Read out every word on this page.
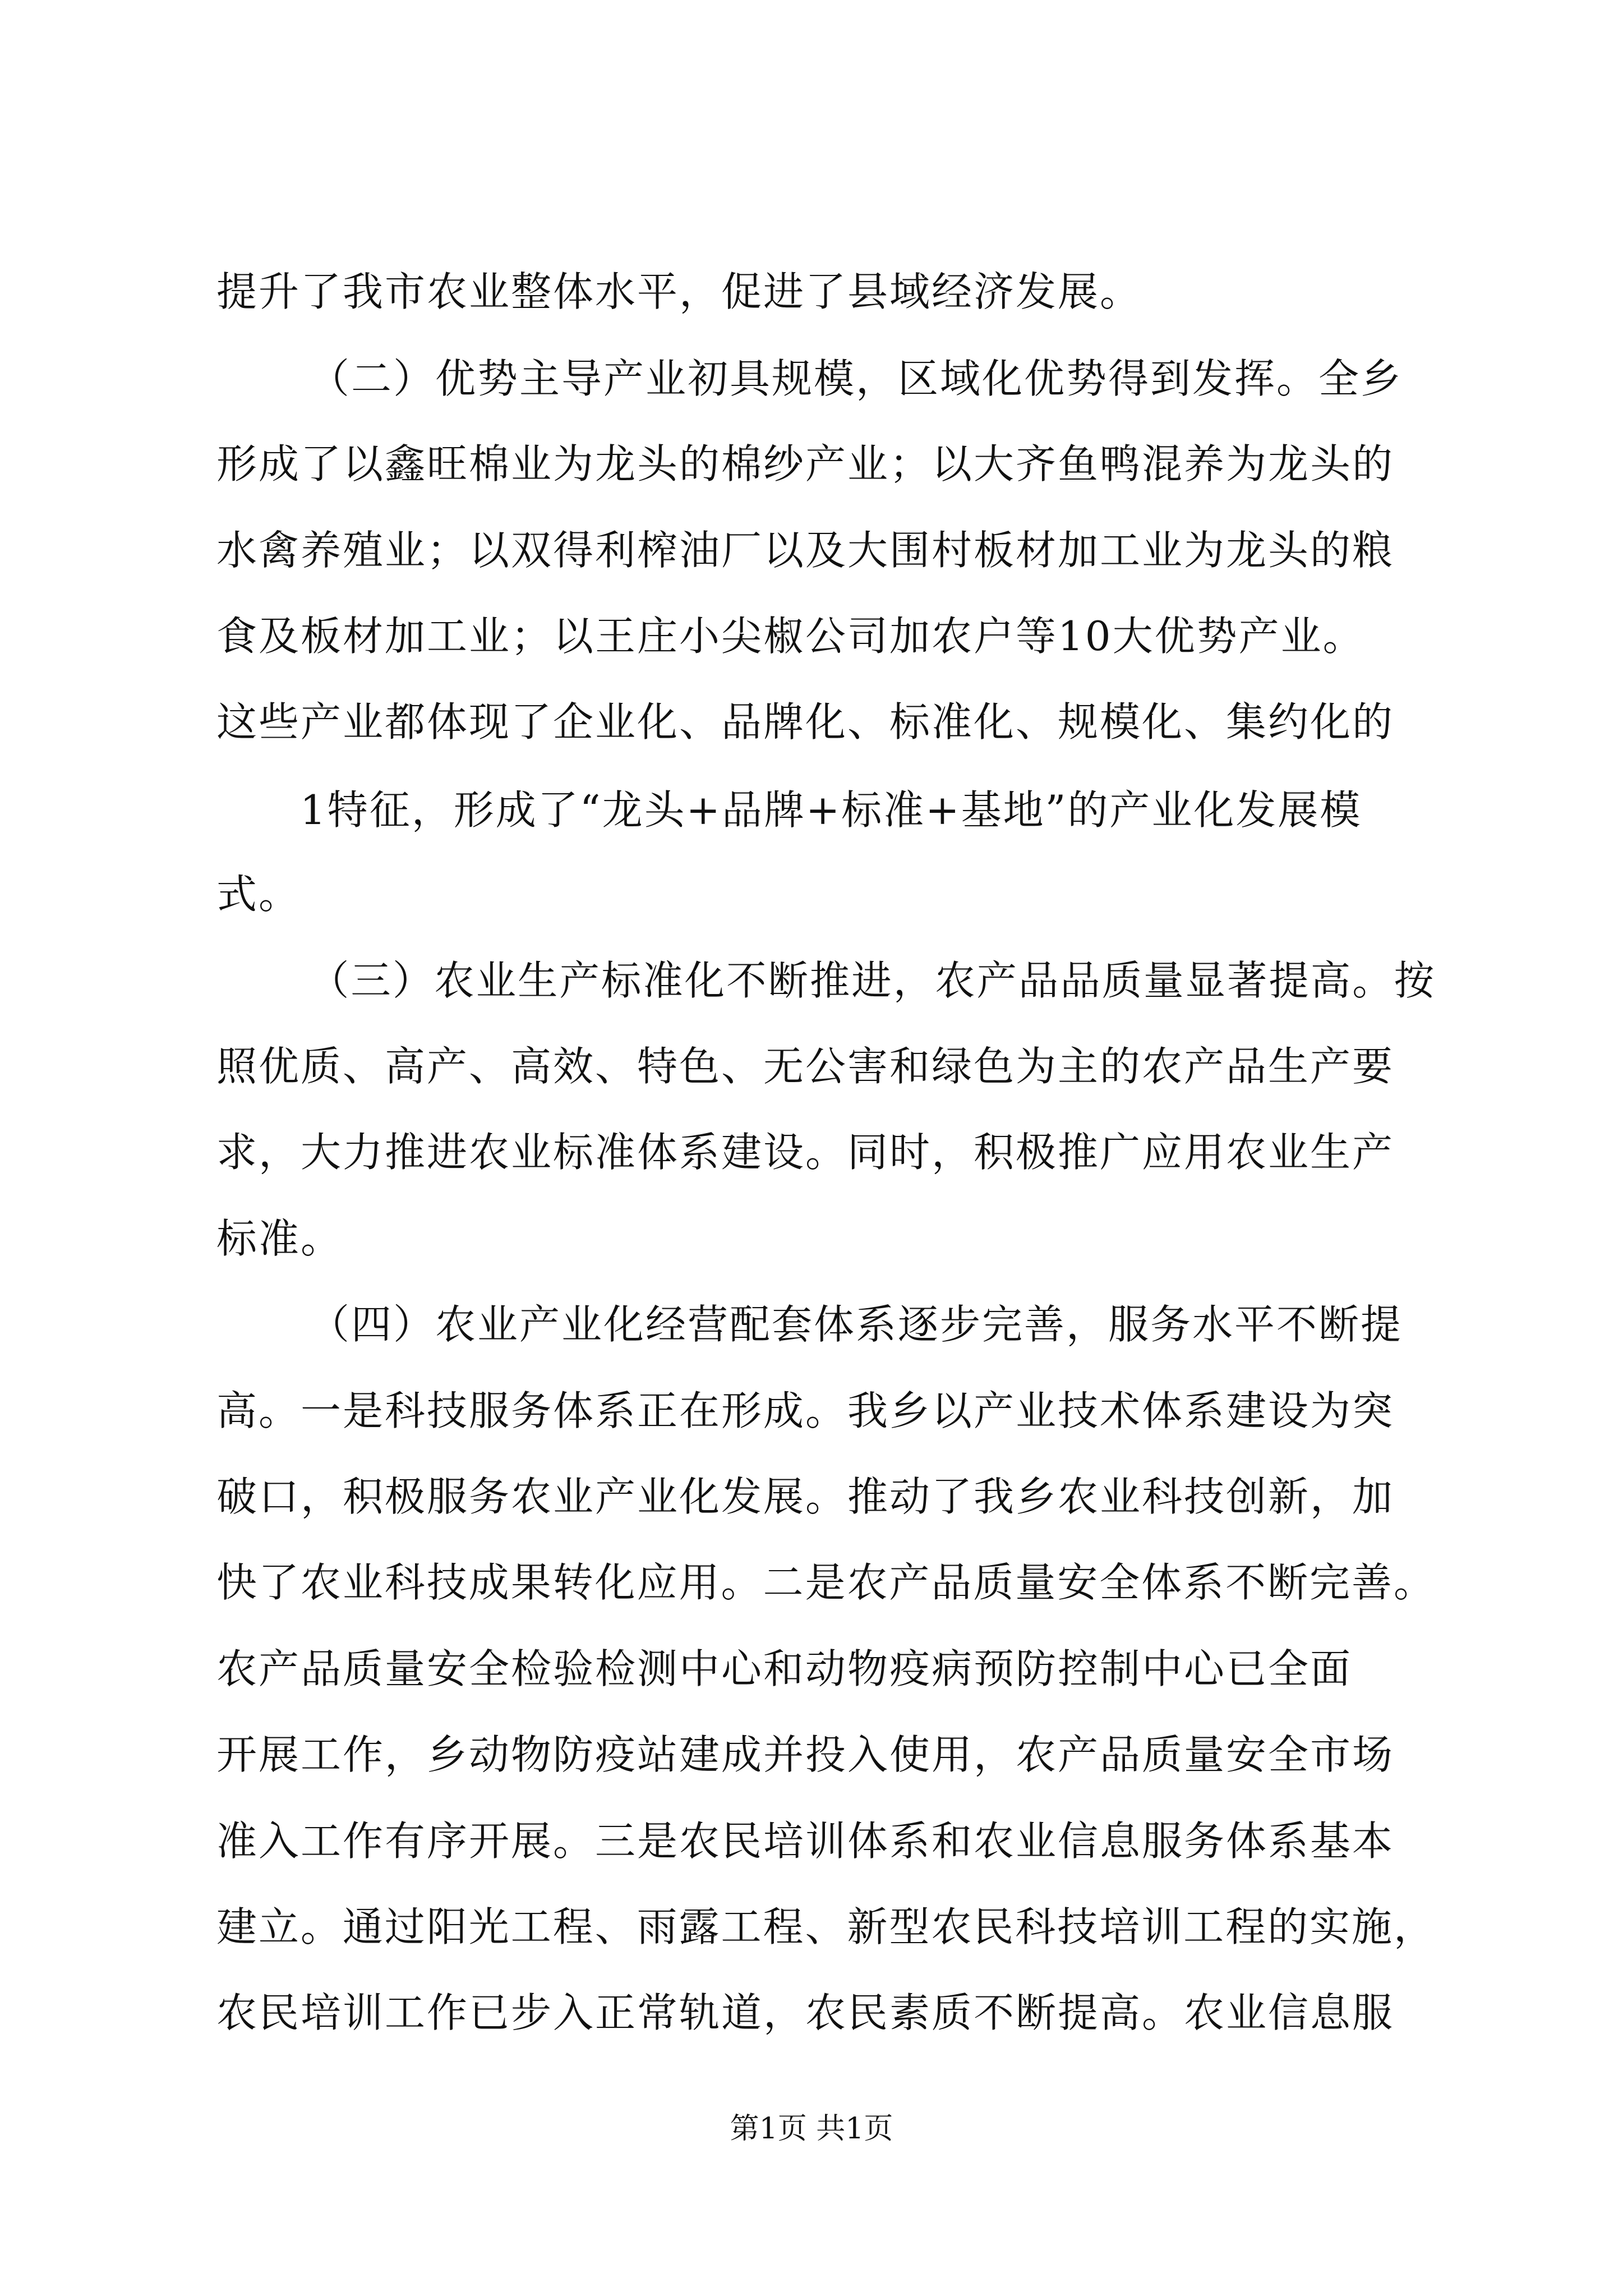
提升了我市农业整体水平，促进了县域经济发展。
（二）优势主导产业初具规模，区域化优势得到发挥。全乡
形成了以鑫旺棉业为龙头的棉纱产业；以大齐鱼鸭混养为龙头的
水禽养殖业；以双得利榨油厂以及大围村板材加工业为龙头的粮
食及板材加工业；以王庄小尖椒公司加农户等10大优势产业。
这些产业都体现了企业化、品牌化、标准化、规模化、集约化的
1特征，形成了“龙头+品牌+标准+基地”的产业化发展模
式。
（三）农业生产标准化不断推进，农产品品质量显著提高。按
照优质、高产、高效、特色、无公害和绿色为主的农产品生产要
求，大力推进农业标准体系建设。同时，积极推广应用农业生产
标准。
（四）农业产业化经营配套体系逐步完善，服务水平不断提
高。一是科技服务体系正在形成。我乡以产业技术体系建设为突
破口，积极服务农业产业化发展。推动了我乡农业科技创新，加
快了农业科技成果转化应用。二是农产品质量安全体系不断完善。
农产品质量安全检验检测中心和动物疫病预防控制中心已全面
开展工作，乡动物防疫站建成并投入使用，农产品质量安全市场
准入工作有序开展。三是农民培训体系和农业信息服务体系基本
建立。通过阳光工程、雨露工程、新型农民科技培训工程的实施，
农民培训工作已步入正常轨道，农民素质不断提高。农业信息服
第1页 共1页
